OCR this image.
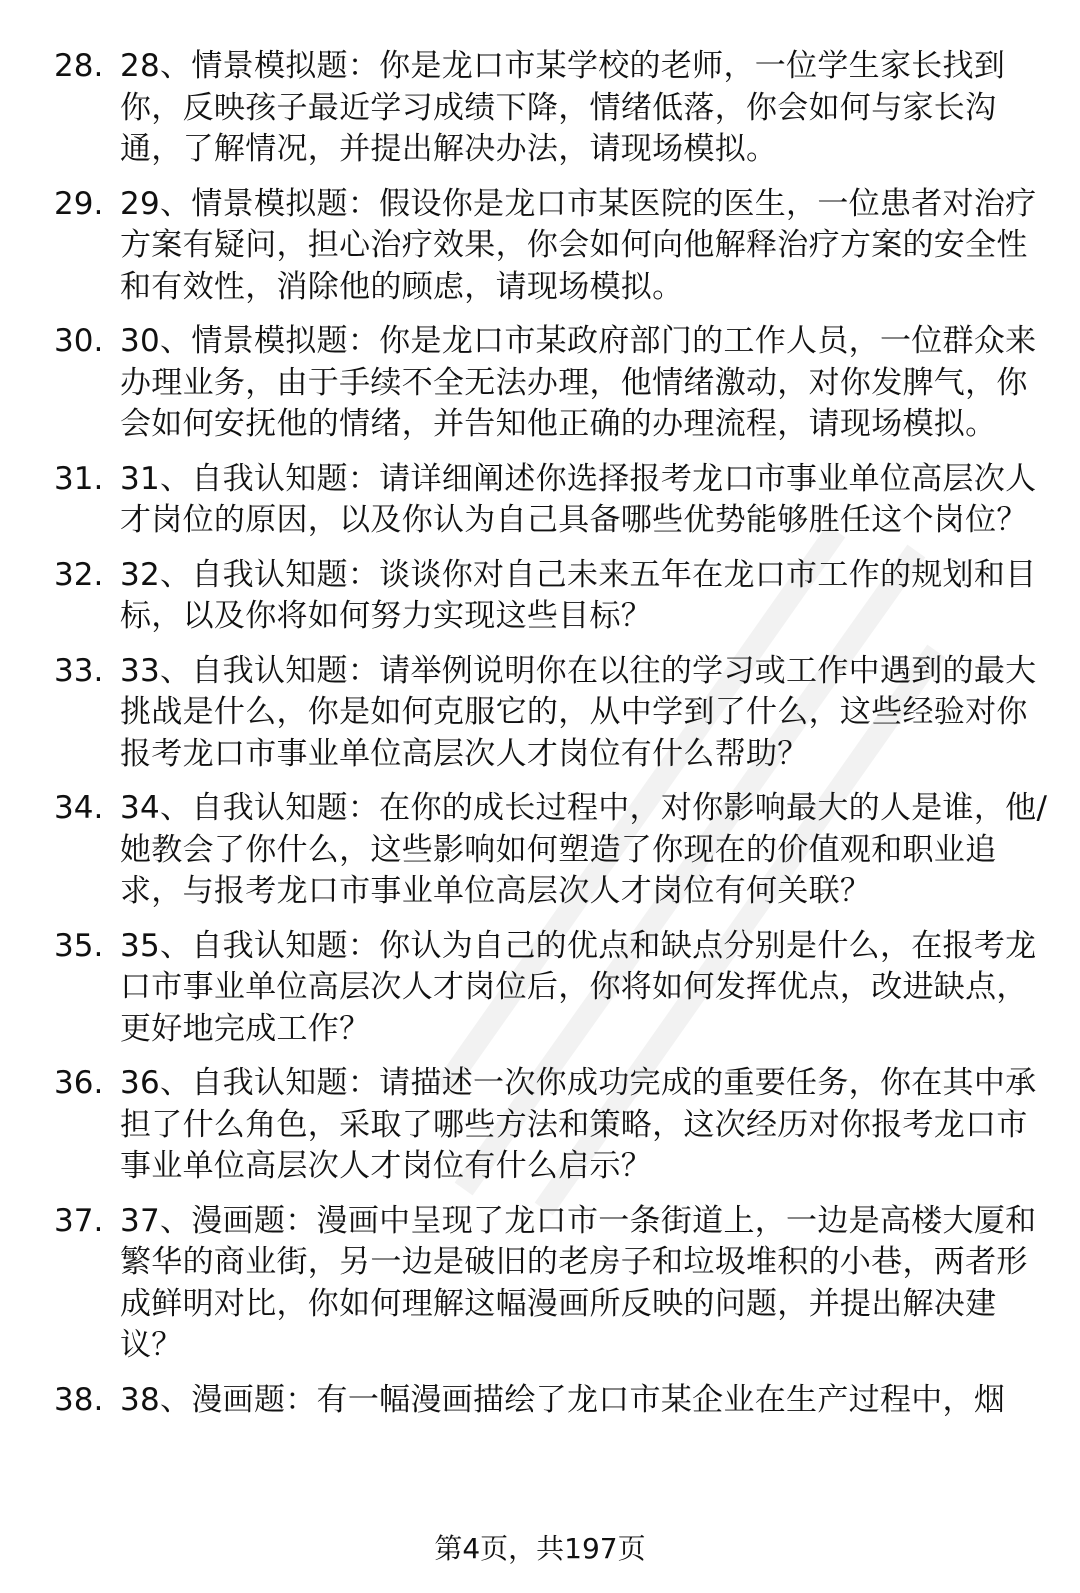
28. 28、情景模拟题：你是龙口市某学校的老师，一位学生家长找到你，反映孩子最近学习成绩下降，情绪低落，你会如何与家长沟通，了解情况，并提出解决办法，请现场模拟。
29. 29、情景模拟题：假设你是龙口市某医院的医生，一位患者对治疗方案有疑问，担心治疗效果，你会如何向他解释治疗方案的安全性和有效性，消除他的顾虑，请现场模拟。
30. 30、情景模拟题：你是龙口市某政府部门的工作人员，一位群众来办理业务，由于手续不全无法办理，他情绪激动，对你发脾气，你会如何安抚他的情绪，并告知他正确的办理流程，请现场模拟。
31. 31、自我认知题：请详细阐述你选择报考龙口市事业单位高层次人才岗位的原因，以及你认为自己具备哪些优势能够胜任这个岗位？
32. 32、自我认知题：谈谈你对自己未来五年在龙口市工作的规划和目标，以及你将如何努力实现这些目标？
33. 33、自我认知题：请举例说明你在以往的学习或工作中遇到的最大挑战是什么，你是如何克服它的，从中学到了什么，这些经验对你报考龙口市事业单位高层次人才岗位有什么帮助？
34. 34、自我认知题：在你的成长过程中，对你影响最大的人是谁，他/她教会了你什么，这些影响如何塑造了你现在的价值观和职业追求，与报考龙口市事业单位高层次人才岗位有何关联？
35. 35、自我认知题：你认为自己的优点和缺点分别是什么，在报考龙口市事业单位高层次人才岗位后，你将如何发挥优点，改进缺点，更好地完成工作？
36. 36、自我认知题：请描述一次你成功完成的重要任务，你在其中承担了什么角色，采取了哪些方法和策略，这次经历对你报考龙口市事业单位高层次人才岗位有什么启示？
37. 37、漫画题：漫画中呈现了龙口市一条街道上，一边是高楼大厦和繁华的商业街，另一边是破旧的老房子和垃圾堆积的小巷，两者形成鲜明对比，你如何理解这幅漫画所反映的问题，并提出解决建议？
38. 38、漫画题：有一幅漫画描绘了龙口市某企业在生产过程中，烟
第4页，共197页
